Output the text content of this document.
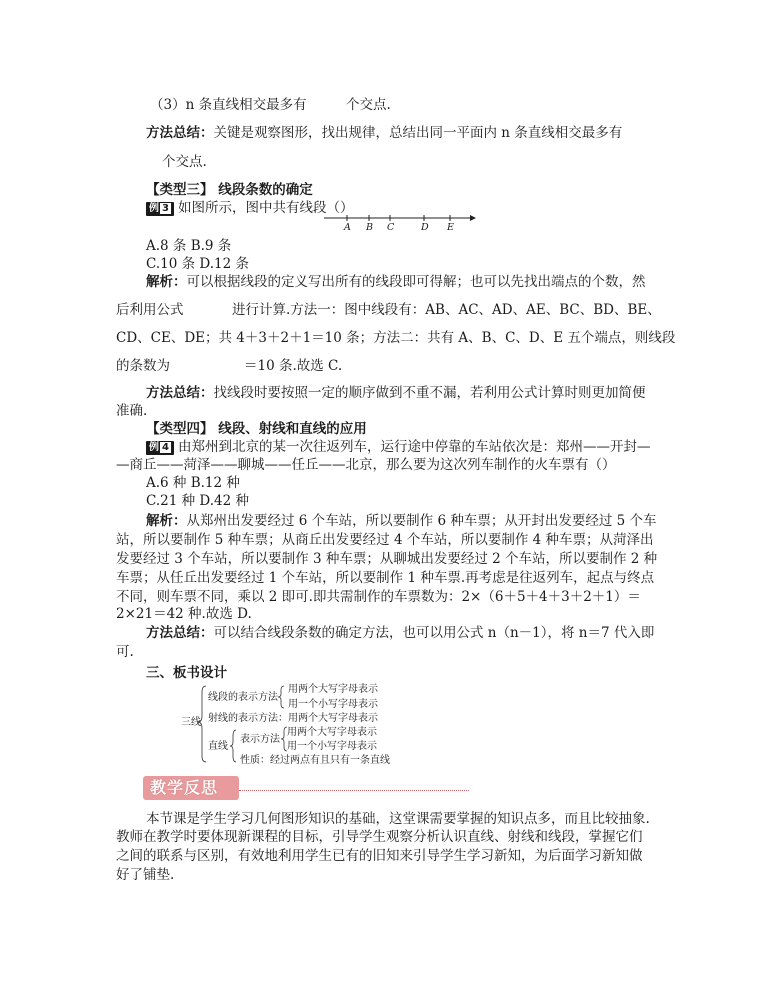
（3）n 条直线相交最多有	个交点.
方法总结：关键是观察图形，找出规律，总结出同一平面内 n 条直线相交最多有
个交点.
【类型三】 线段条数的确定
例 3 如图所示，图中共有线段（）
A B C	D E
A.8 条 B.9 条
C.10 条 D.12 条
解析：可以根据线段的定义写出所有的线段即可得解；也可以先找出端点的个数，然
后利用公式	进行计算.方法一：图中线段有：AB、AC、AD、AE、BC、BD、BE、
CD、CE、DE；共 4＋3＋2＋1＝10 条；方法二：共有 A、B、C、D、E 五个端点，则线段
的条数为	＝10 条.故选 C.
方法总结：找线段时要按照一定的顺序做到不重不漏，若利用公式计算时则更加简便
准确.
【类型四】 线段、射线和直线的应用
例 4 由郑州到北京的某一次往返列车，运行途中停靠的车站依次是：郑州——开封—
—商丘——菏泽——聊城——任丘——北京，那么要为这次列车制作的火车票有（）
A.6 种 B.12 种
C.21 种 D.42 种
解析：从郑州出发要经过 6 个车站，所以要制作 6 种车票；从开封出发要经过 5 个车
站，所以要制作 5 种车票；从商丘出发要经过 4 个车站，所以要制作 4 种车票；从菏泽出
发要经过 3 个车站，所以要制作 3 种车票；从聊城出发要经过 2 个车站，所以要制作 2 种
车票；从任丘出发要经过 1 个车站，所以要制作 1 种车票.再考虑是往返列车，起点与终点
不同，则车票不同，乘以 2 即可.即共需制作的车票数为：2×（6＋5＋4＋3＋2＋1）＝
2×21＝42 种.故选 D.
方法总结：可以结合线段条数的确定方法，也可以用公式 n（n－1），将 n＝7 代入即
可.
三、板书设计
三线
线段的表示方法
用两个大写字母表示
用一个小写字母表示
射线的表示方法：用两个大写字母表示
直线
表示方法
用两个大写字母表示
用一个小写字母表示
性质：经过两点有且只有一条直线
教学反思
本节课是学生学习几何图形知识的基础，这堂课需要掌握的知识点多，而且比较抽象.
教师在教学时要体现新课程的目标，引导学生观察分析认识直线、射线和线段，掌握它们
之间的联系与区别，有效地利用学生已有的旧知来引导学生学习新知，为后面学习新知做
好了铺垫.
